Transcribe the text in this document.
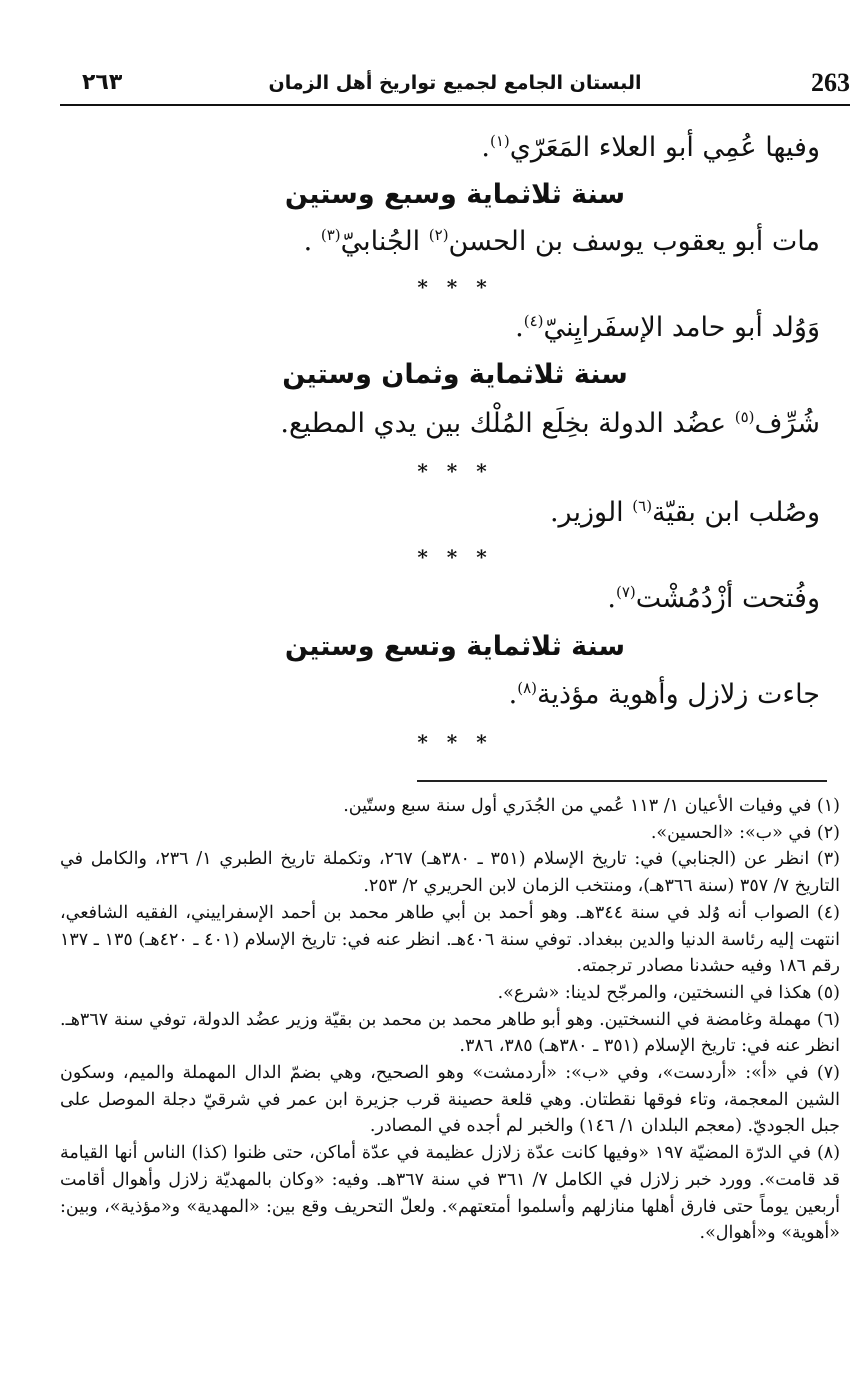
263
البستان الجامع لجميع تواريخ أهل الزمان
٢٦٣
وفيها عُمِي أبو العلاء المَعَرّي$^{(١)}$.
سنة ثلاثماية وسبع وستين
مات أبو يعقوب يوسف بن الحسن$^{(٢)}$ الجُنابيّ$^{(٣)}$ .
* * *
وَوُلد أبو حامد الإسفَرايِنيّ$^{(٤)}$.
سنة ثلاثماية وثمان وستين
شُرِّف$^{(٥)}$ عضُد الدولة بخِلَع المُلْك بين يدي المطيع.
* * *
وصُلب ابن بقيّة$^{(٦)}$ الوزير.
* * *
وفُتحت أزْدُمُشْت$^{(٧)}$.
سنة ثلاثماية وتسع وستين
جاءت زلازل وأهوية مؤذية$^{(٨)}$.
* * *

(١) في وفيات الأعيان ١/ ١١٣ عُمي من الجُدَري أول سنة سبع وستّين.

(٢) في «ب»: «الحسين».

(٣) انظر عن (الجنابي) في: تاريخ الإسلام (٣٥١ ـ ٣٨٠هـ) ٢٦٧، وتكملة تاريخ الطبري ١/ ٢٣٦، والكامل في التاريخ ٧/ ٣٥٧ (سنة ٣٦٦هـ)، ومنتخب الزمان لابن الحريري ٢/ ٢٥٣.

(٤) الصواب أنه وُلد في سنة ٣٤٤هـ. وهو أحمد بن أبي طاهر محمد بن أحمد الإسفراييني، الفقيه الشافعي، انتهت إليه رئاسة الدنيا والدين ببغداد. توفي سنة ٤٠٦هـ. انظر عنه في: تاريخ الإسلام (٤٠١ ـ ٤٢٠هـ) ١٣٥ ـ ١٣٧ رقم ١٨٦ وفيه حشدنا مصادر ترجمته.

(٥) هكذا في النسختين، والمرجّح لدينا: «شرع».

(٦) مهملة وغامضة في النسختين. وهو أبو طاهر محمد بن محمد بن بقيّة وزير عضُد الدولة، توفي سنة ٣٦٧هـ. انظر عنه في: تاريخ الإسلام (٣٥١ ـ ٣٨٠هـ) ٣٨٥، ٣٨٦.

(٧) في «أ»: «أردست»، وفي «ب»: «أردمشت» وهو الصحيح، وهي بضمّ الدال المهملة والميم، وسكون الشين المعجمة، وتاء فوقها نقطتان. وهي قلعة حصينة قرب جزيرة ابن عمر في شرقيّ دجلة الموصل على جبل الجوديّ. (معجم البلدان ١/ ١٤٦) والخبر لم أجده في المصادر.

(٨) في الدرّة المضيّة ١٩٧ «وفيها كانت عدّة زلازل عظيمة في عدّة أماكن، حتى ظنوا (كذا) الناس أنها القيامة قد قامت». وورد خبر زلازل في الكامل ٧/ ٣٦١ في سنة ٣٦٧هـ. وفيه: «وكان بالمهديّة زلازل وأهوال أقامت أربعين يوماً حتى فارق أهلها منازلهم وأسلموا أمتعتهم». ولعلّ التحريف وقع بين: «المهدية» و«مؤذية»، وبين: «أهوية» و«أهوال».
